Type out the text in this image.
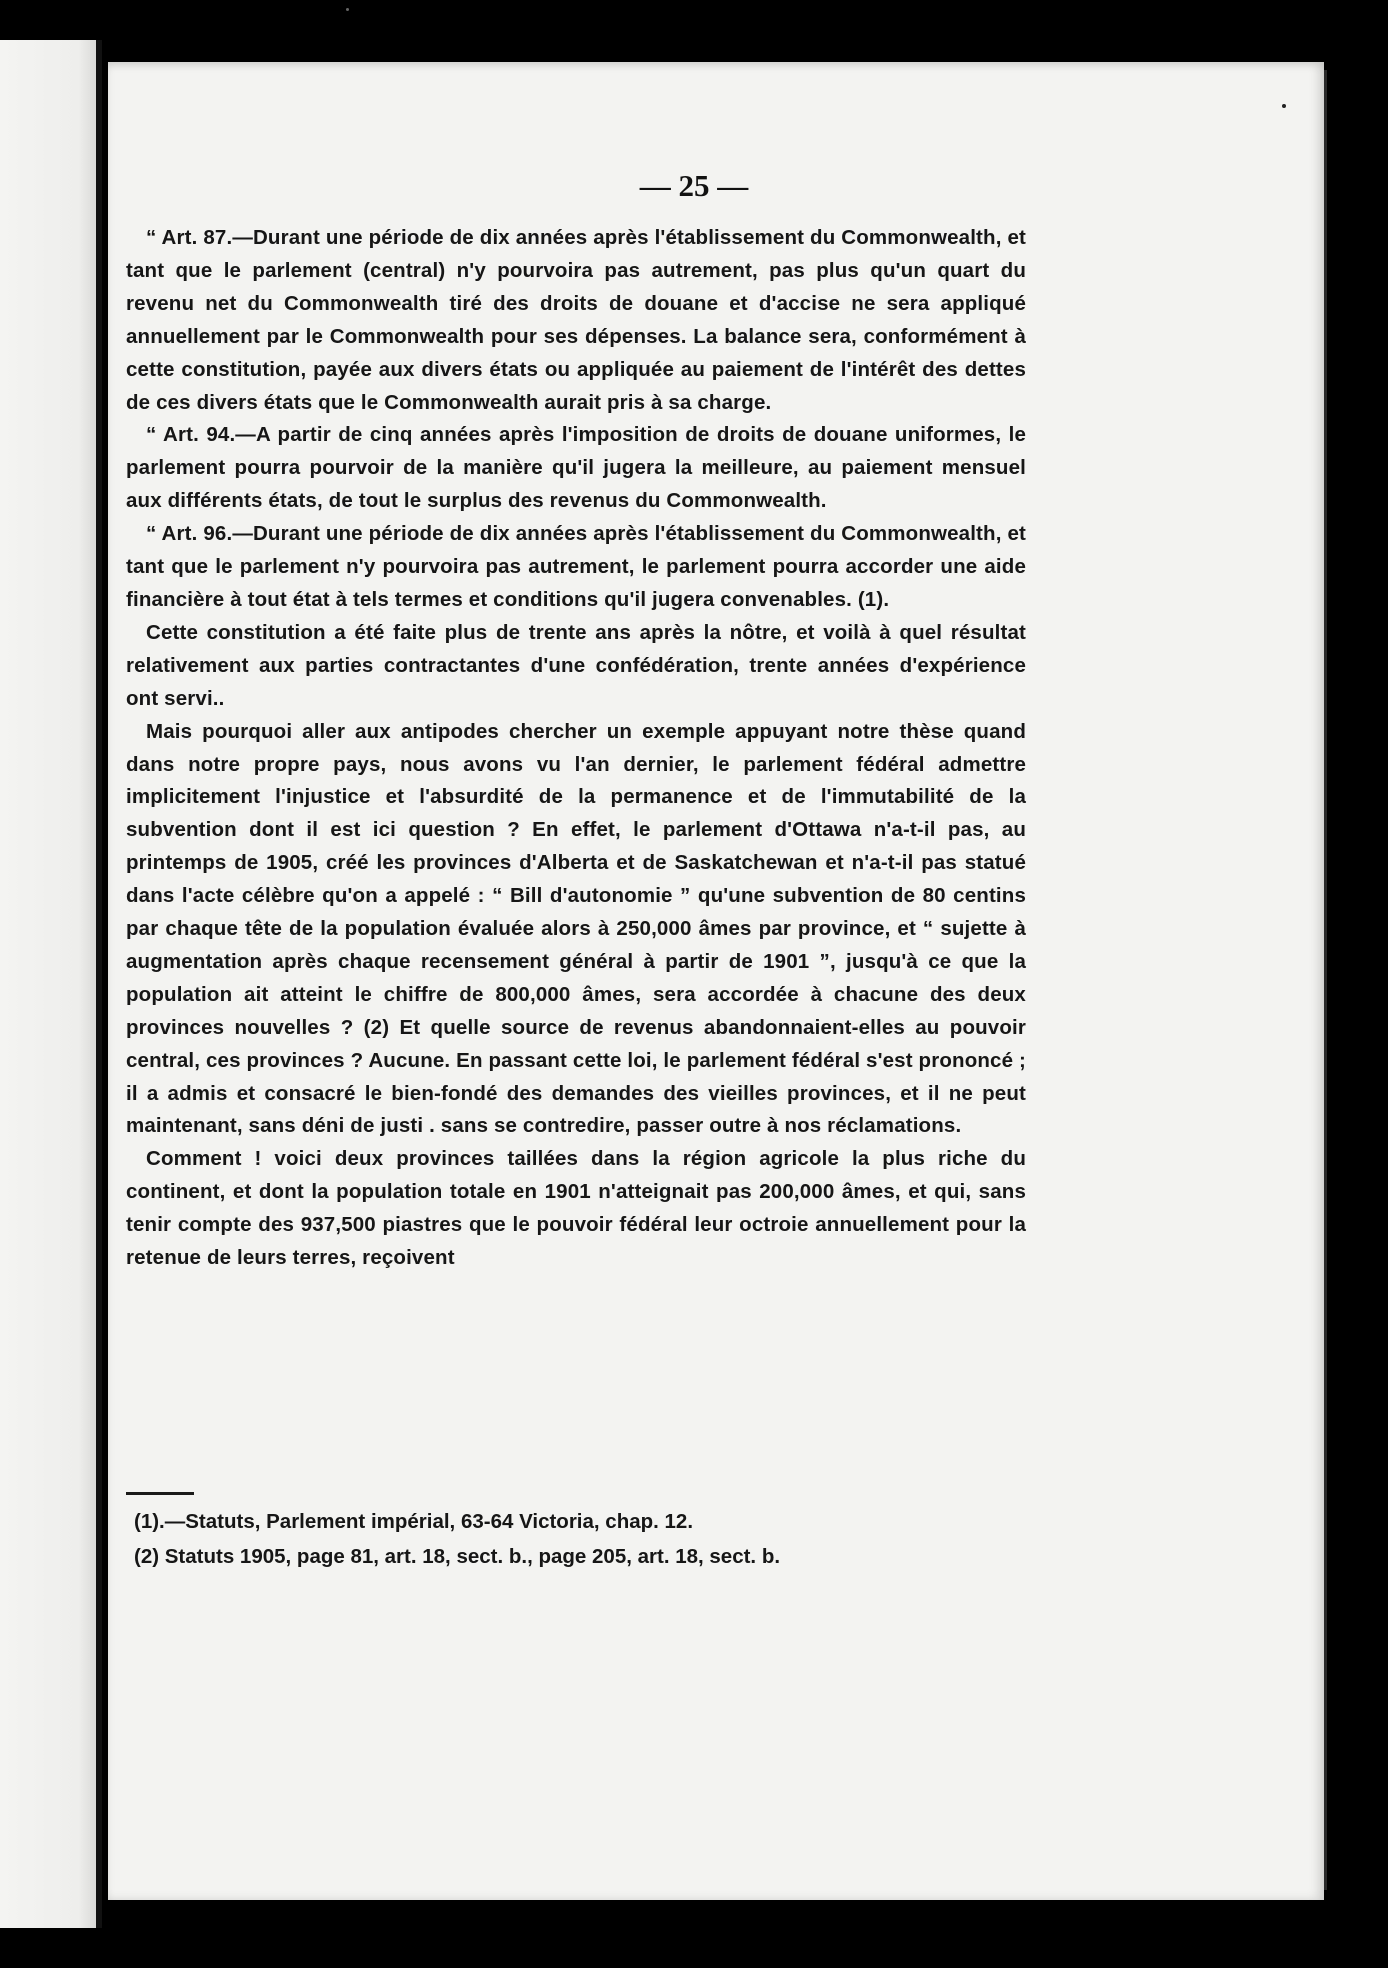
— 25 —

“ Art. 87.—Durant une période de dix années après l'établissement du Commonwealth, et tant que le parlement (central) n'y pourvoira pas autrement, pas plus qu'un quart du revenu net du Commonwealth tiré des droits de douane et d'accise ne sera appliqué annuellement par le Commonwealth pour ses dépenses. La balance sera, conformément à cette constitution, payée aux divers états ou appliquée au paiement de l'intérêt des dettes de ces divers états que le Commonwealth aurait pris à sa charge.

“ Art. 94.—A partir de cinq années après l'imposition de droits de douane uniformes, le parlement pourra pourvoir de la manière qu'il jugera la meilleure, au paiement mensuel aux différents états, de tout le surplus des revenus du Commonwealth.

“ Art. 96.—Durant une période de dix années après l'établissement du Commonwealth, et tant que le parlement n'y pourvoira pas autrement, le parlement pourra accorder une aide financière à tout état à tels termes et conditions qu'il jugera convenables. (1).

Cette constitution a été faite plus de trente ans après la nôtre, et voilà à quel résultat relativement aux parties contractantes d'une confédération, trente années d'expérience ont servi..

Mais pourquoi aller aux antipodes chercher un exemple appuyant notre thèse quand dans notre propre pays, nous avons vu l'an dernier, le parlement fédéral admettre implicitement l'injustice et l'absurdité de la permanence et de l'immutabilité de la subvention dont il est ici question ? En effet, le parlement d'Ottawa n'a-t-il pas, au printemps de 1905, créé les provinces d'Alberta et de Saskatchewan et n'a-t-il pas statué dans l'acte célèbre qu'on a appelé : “ Bill d'autonomie ” qu'une subvention de 80 centins par chaque tête de la population évaluée alors à 250,000 âmes par province, et “ sujette à augmentation après chaque recensement général à partir de 1901 ”, jusqu'à ce que la population ait atteint le chiffre de 800,000 âmes, sera accordée à chacune des deux provinces nouvelles ? (2) Et quelle source de revenus abandonnaient-elles au pouvoir central, ces provinces ? Aucune. En passant cette loi, le parlement fédéral s'est prononcé ; il a admis et consacré le bien-fondé des demandes des vieilles provinces, et il ne peut maintenant, sans déni de justi . sans se contredire, passer outre à nos réclamations.

Comment ! voici deux provinces taillées dans la région agricole la plus riche du continent, et dont la population totale en 1901 n'atteignait pas 200,000 âmes, et qui, sans tenir compte des 937,500 piastres que le pouvoir fédéral leur octroie annuellement pour la retenue de leurs terres, reçoivent

(1).—Statuts, Parlement impérial, 63-64 Victoria, chap. 12.

(2) Statuts 1905, page 81, art. 18, sect. b., page 205, art. 18, sect. b.
